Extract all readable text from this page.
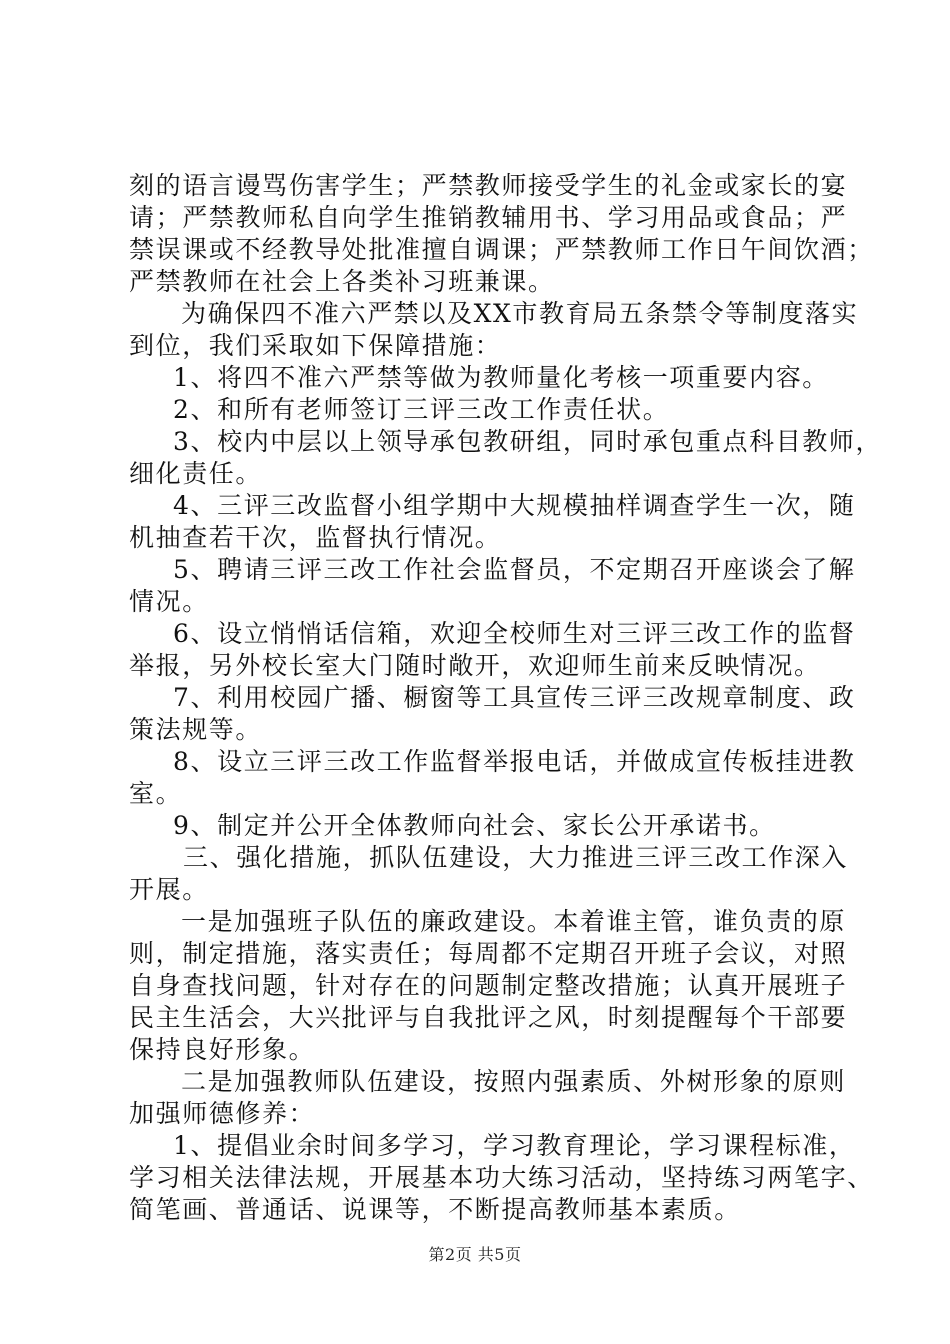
刻的语言谩骂伤害学生；严禁教师接受学生的礼金或家长的宴
请；严禁教师私自向学生推销教辅用书、学习用品或食品；严
禁误课或不经教导处批准擅自调课；严禁教师工作日午间饮酒；
严禁教师在社会上各类补习班兼课。
为确保四不准六严禁以及XX市教育局五条禁令等制度落实
到位，我们采取如下保障措施：
1、将四不准六严禁等做为教师量化考核一项重要内容。
2、和所有老师签订三评三改工作责任状。
3、校内中层以上领导承包教研组，同时承包重点科目教师，
细化责任。
4、三评三改监督小组学期中大规模抽样调查学生一次，随
机抽查若干次，监督执行情况。
5、聘请三评三改工作社会监督员，不定期召开座谈会了解
情况。
6、设立悄悄话信箱，欢迎全校师生对三评三改工作的监督
举报，另外校长室大门随时敞开，欢迎师生前来反映情况。
7、利用校园广播、橱窗等工具宣传三评三改规章制度、政
策法规等。
8、设立三评三改工作监督举报电话，并做成宣传板挂进教
室。
9、制定并公开全体教师向社会、家长公开承诺书。
三、强化措施，抓队伍建设，大力推进三评三改工作深入
开展。
一是加强班子队伍的廉政建设。本着谁主管，谁负责的原
则，制定措施，落实责任；每周都不定期召开班子会议，对照
自身查找问题，针对存在的问题制定整改措施；认真开展班子
民主生活会，大兴批评与自我批评之风，时刻提醒每个干部要
保持良好形象。
二是加强教师队伍建设，按照内强素质、外树形象的原则
加强师德修养：
1、提倡业余时间多学习，学习教育理论，学习课程标准，
学习相关法律法规，开展基本功大练习活动，坚持练习两笔字、
简笔画、普通话、说课等，不断提高教师基本素质。
第2页 共5页
